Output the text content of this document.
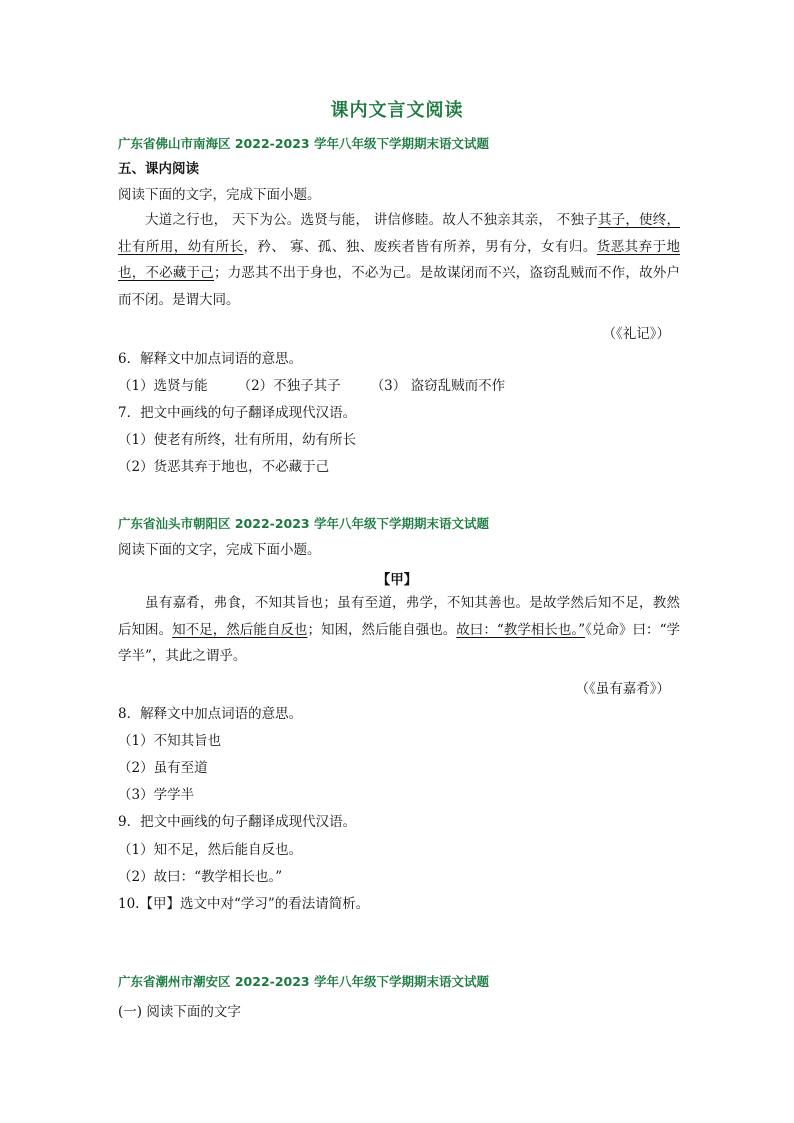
课内文言文阅读
广东省佛山市南海区 2022-2023 学年八年级下学期期末语文试题
五、课内阅读
阅读下面的文字，完成下面小题。
大道之行也， 天下为公。选贤与能， 讲信修睦。故人不独亲其亲， 不独子其子，使终，壮有所用，幼有所长，矜、 寡、孤、独、废疾者皆有所养，男有分，女有归。货恶其弃于地也，不必藏于己；力恶其不出于身也，不必为己。是故谋闭而不兴，盗窃乱贼而不作，故外户而不闭。是谓大同。
（《礼记》）
6．解释文中加点词语的意思。
（1）选贤与能 （2）不独子其子 （3） 盗窃乱贼而不作
7．把文中画线的句子翻译成现代汉语。
（1）使老有所终，壮有所用，幼有所长
（2）货恶其弃于地也，不必藏于己
广东省汕头市朝阳区 2022-2023 学年八年级下学期期末语文试题
阅读下面的文字，完成下面小题。
【甲】
虽有嘉肴，弗食，不知其旨也；虽有至道，弗学，不知其善也。是故学然后知不足，教然后知困。知不足，然后能自反也；知困，然后能自强也。故曰：“教学相长也。”《兑命》曰：“学学半”，其此之谓乎。
（《虽有嘉肴》）
8．解释文中加点词语的意思。
（1）不知其旨也
（2）虽有至道
（3）学学半
9．把文中画线的句子翻译成现代汉语。
（1）知不足，然后能自反也。
（2）故曰：“教学相长也。”
10.【甲】选文中对“学习”的看法请简析。
广东省潮州市潮安区 2022-2023 学年八年级下学期期末语文试题
(一) 阅读下面的文字
